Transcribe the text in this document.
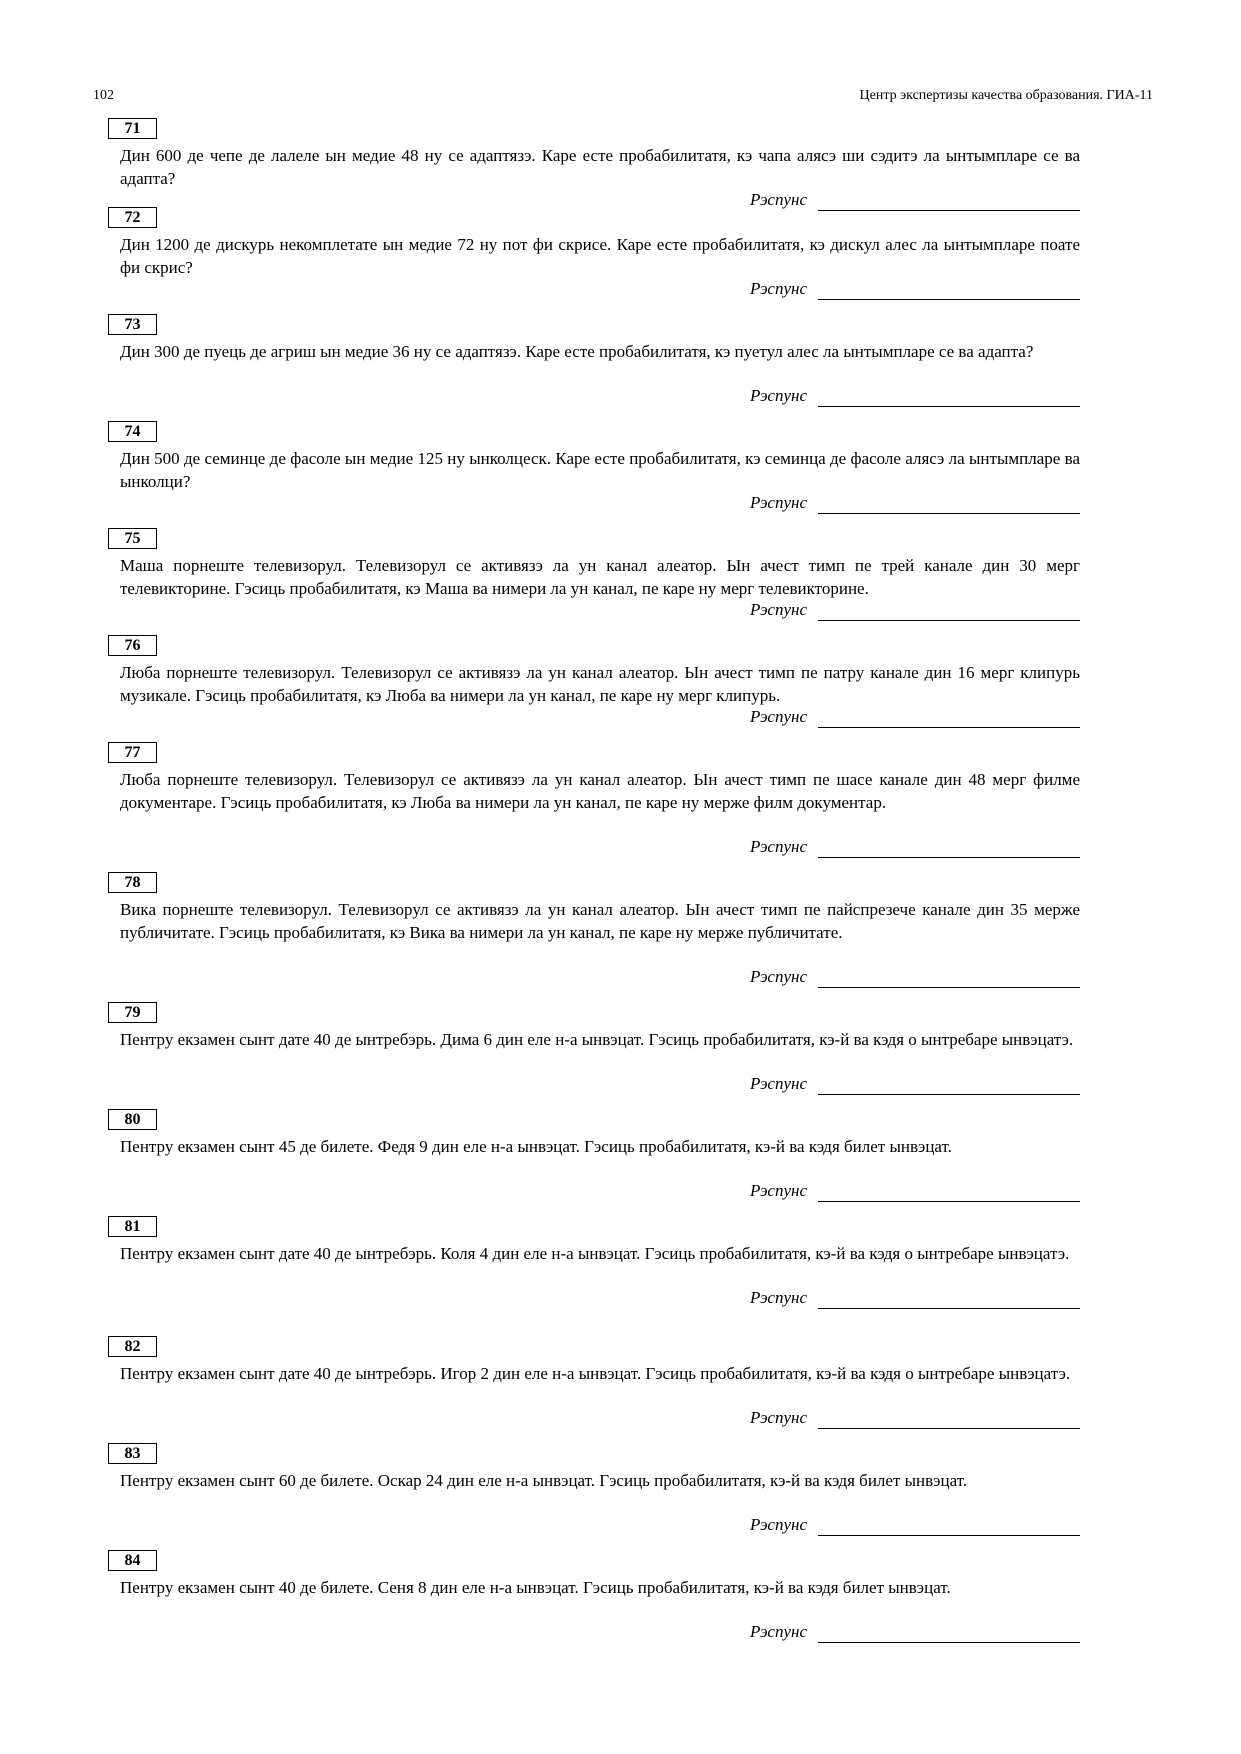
102	Центр экспертизы качества образования. ГИА-11
71

Дин 600 де чепе де лалеле ын медие 48 ну се адаптязэ. Каре есте пробабилитатя, кэ чапа алясэ ши сэдитэ ла ынтымпларе се ва адапта?

Рэспунс
72

Дин 1200 де дискурь некомплетате ын медие 72 ну пот фи скрисе. Каре есте пробабилитатя, кэ дискул алес ла ынтымпларе поате фи скрис?

Рэспунс
73

Дин 300 де пуець де агриш ын медие 36 ну се адаптязэ. Каре есте пробабилитатя, кэ пуетул алес ла ынтымпларе се ва адапта?

Рэспунс
74

Дин 500 де семинце де фасоле ын медие 125 ну ынколцеск. Каре есте пробабилитатя, кэ семинца де фасоле алясэ ла ынтымпларе ва ынколци?

Рэспунс
75

Маша порнеште телевизорул. Телевизорул се активязэ ла ун канал алеатор. Ын ачест тимп пе трей канале дин 30 мерг телевикторине. Гэсиць пробабилитатя, кэ Маша ва нимери ла ун канал, пе каре ну мерг телевикторине.

Рэспунс
76

Люба порнеште телевизорул. Телевизорул се активязэ ла ун канал алеатор. Ын ачест тимп пе патру канале дин 16 мерг клипурь музикале. Гэсиць пробабилитатя, кэ Люба ва нимери ла ун канал, пе каре ну мерг клипурь.

Рэспунс
77

Люба порнеште телевизорул. Телевизорул се активязэ ла ун канал алеатор. Ын ачест тимп пе шасе канале дин 48 мерг филме документаре. Гэсиць пробабилитатя, кэ Люба ва нимери ла ун канал, пе каре ну мерже филм документар.

Рэспунс
78

Вика порнеште телевизорул. Телевизорул се активязэ ла ун канал алеатор. Ын ачест тимп пе пайспрезече канале дин 35 мерже публичитате. Гэсиць пробабилитатя, кэ Вика ва нимери ла ун канал, пе каре ну мерже публичитате.

Рэспунс
79

Пентру екзамен сынт дате 40 де ынтребэрь. Дима 6 дин еле н-а ынвэцат. Гэсиць пробабилитатя, кэ-й ва кэдя о ынтребаре ынвэцатэ.

Рэспунс
80

Пентру екзамен сынт 45 де билете. Федя 9 дин еле н-а ынвэцат. Гэсиць пробабилитатя, кэ-й ва кэдя билет ынвэцат.

Рэспунс
81

Пентру екзамен сынт дате 40 де ынтребэрь. Коля 4 дин еле н-а ынвэцат. Гэсиць пробабилитатя, кэ-й ва кэдя о ынтребаре ынвэцатэ.

Рэспунс
82

Пентру екзамен сынт дате 40 де ынтребэрь. Игор 2 дин еле н-а ынвэцат. Гэсиць пробабилитатя, кэ-й ва кэдя о ынтребаре ынвэцатэ.

Рэспунс
83

Пентру екзамен сынт 60 де билете. Оскар 24 дин еле н-а ынвэцат. Гэсиць пробабилитатя, кэ-й ва кэдя билет ынвэцат.

Рэспунс
84

Пентру екзамен сынт 40 де билете. Сеня 8 дин еле н-а ынвэцат. Гэсиць пробабилитатя, кэ-й ва кэдя билет ынвэцат.

Рэспунс
